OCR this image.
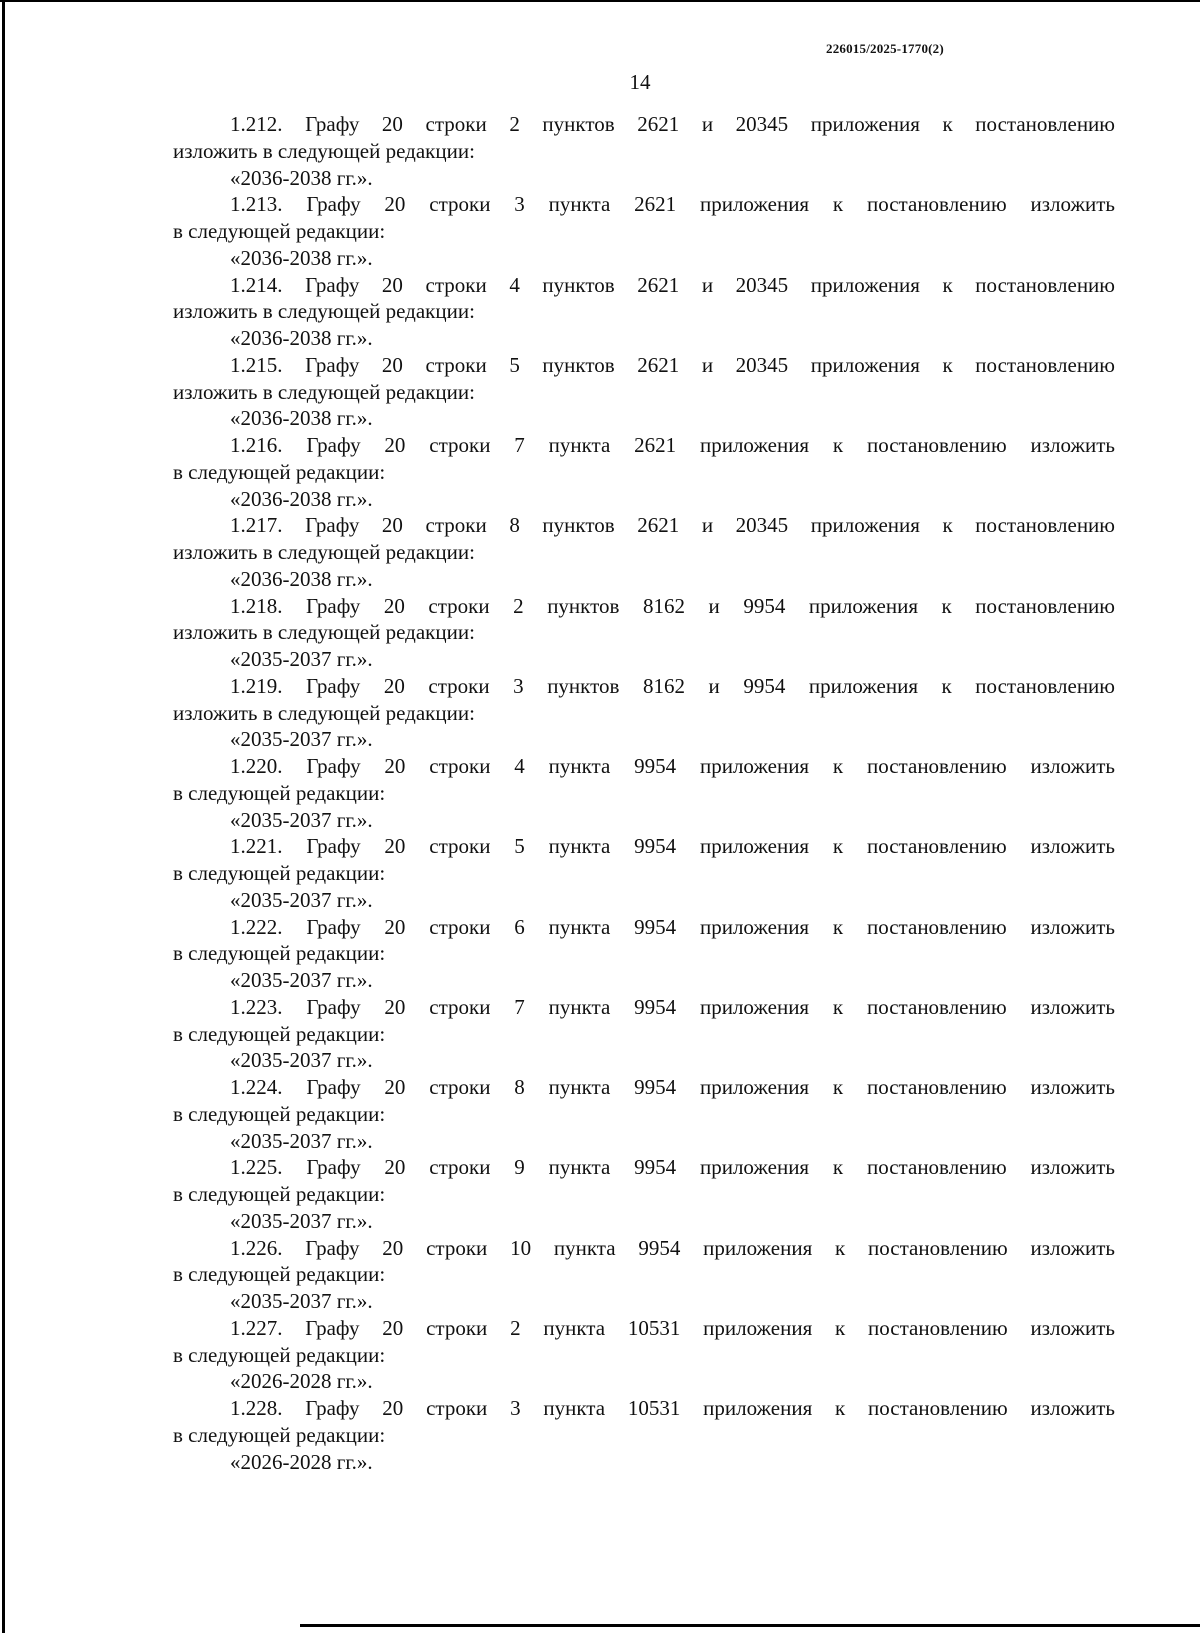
226015/2025-1770(2)
14
1.212. Графу 20 строки 2 пунктов 2621 и 20345 приложения к постановлению
изложить в следующей редакции:
«2036-2038 гг.».
1.213. Графу 20 строки 3 пункта 2621 приложения к постановлению изложить
в следующей редакции:
«2036-2038 гг.».
1.214. Графу 20 строки 4 пунктов 2621 и 20345 приложения к постановлению
изложить в следующей редакции:
«2036-2038 гг.».
1.215. Графу 20 строки 5 пунктов 2621 и 20345 приложения к постановлению
изложить в следующей редакции:
«2036-2038 гг.».
1.216. Графу 20 строки 7 пункта 2621 приложения к постановлению изложить
в следующей редакции:
«2036-2038 гг.».
1.217. Графу 20 строки 8 пунктов 2621 и 20345 приложения к постановлению
изложить в следующей редакции:
«2036-2038 гг.».
1.218. Графу 20 строки 2 пунктов 8162 и 9954 приложения к постановлению
изложить в следующей редакции:
«2035-2037 гг.».
1.219. Графу 20 строки 3 пунктов 8162 и 9954 приложения к постановлению
изложить в следующей редакции:
«2035-2037 гг.».
1.220. Графу 20 строки 4 пункта 9954 приложения к постановлению изложить
в следующей редакции:
«2035-2037 гг.».
1.221. Графу 20 строки 5 пункта 9954 приложения к постановлению изложить
в следующей редакции:
«2035-2037 гг.».
1.222. Графу 20 строки 6 пункта 9954 приложения к постановлению изложить
в следующей редакции:
«2035-2037 гг.».
1.223. Графу 20 строки 7 пункта 9954 приложения к постановлению изложить
в следующей редакции:
«2035-2037 гг.».
1.224. Графу 20 строки 8 пункта 9954 приложения к постановлению изложить
в следующей редакции:
«2035-2037 гг.».
1.225. Графу 20 строки 9 пункта 9954 приложения к постановлению изложить
в следующей редакции:
«2035-2037 гг.».
1.226. Графу 20 строки 10 пункта 9954 приложения к постановлению изложить
в следующей редакции:
«2035-2037 гг.».
1.227. Графу 20 строки 2 пункта 10531 приложения к постановлению изложить
в следующей редакции:
«2026-2028 гг.».
1.228. Графу 20 строки 3 пункта 10531 приложения к постановлению изложить
в следующей редакции:
«2026-2028 гг.».
